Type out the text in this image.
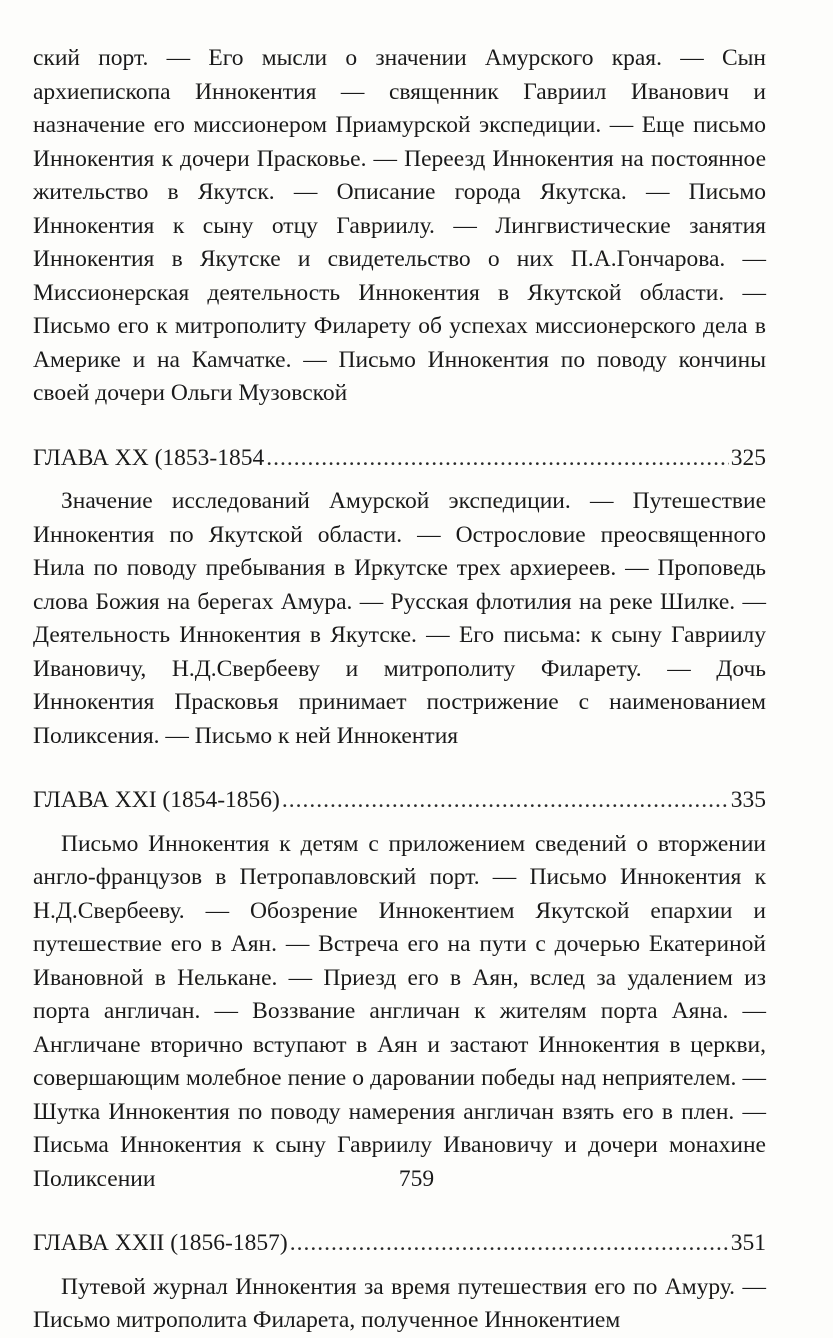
ский порт. — Его мысли о значении Амурского края. — Сын архиепископа Иннокентия — священник Гавриил Иванович и назначение его миссионером Приамурской экспедиции. — Еще письмо Иннокентия к дочери Прасковье. — Переезд Иннокентия на постоянное жительство в Якутск. — Описание города Якутска. — Письмо Иннокентия к сыну отцу Гавриилу. — Лингвистические занятия Иннокентия в Якутске и свидетельство о них П.А.Гончарова. — Миссионерская деятельность Иннокентия в Якутской области. — Письмо его к митрополиту Филарету об успехах миссионерского дела в Америке и на Камчатке. — Письмо Иннокентия по поводу кончины своей дочери Ольги Музовской

ГЛАВА XX (1853-1854 .....	325

Значение исследований Амурской экспедиции. — Путешествие Иннокентия по Якутской области. — Острословие преосвященного Нила по поводу пребывания в Иркутске трех архиереев. — Проповедь слова Божия на берегах Амура. — Русская флотилия на реке Шилке. — Деятельность Иннокентия в Якутске. — Его письма: к сыну Гавриилу Ивановичу, Н.Д.Свербееву и митрополиту Филарету. — Дочь Иннокентия Прасковья принимает пострижение с наименованием Поликсения. — Письмо к ней Иннокентия

ГЛАВА XXI (1854-1856) .....	335

Письмо Иннокентия к детям с приложением сведений о вторжении англо-французов в Петропавловский порт. — Письмо Иннокентия к Н.Д.Свербееву. — Обозрение Иннокентием Якутской епархии и путешествие его в Аян. — Встреча его на пути с дочерью Екатериной Ивановной в Нелькане. — Приезд его в Аян, вслед за удалением из порта англичан. — Воззвание англичан к жителям порта Аяна. — Англичане вторично вступают в Аян и застают Иннокентия в церкви, совершающим молебное пение о даровании победы над неприятелем. — Шутка Иннокентия по поводу намерения англичан взять его в плен. — Письма Иннокентия к сыну Гавриилу Ивановичу и дочери монахине Поликсении

ГЛАВА XXII (1856-1857) .....	351

Путевой журнал Иннокентия за время путешествия его по Амуру. — Письмо митрополита Филарета, полученное Иннокентием

759
